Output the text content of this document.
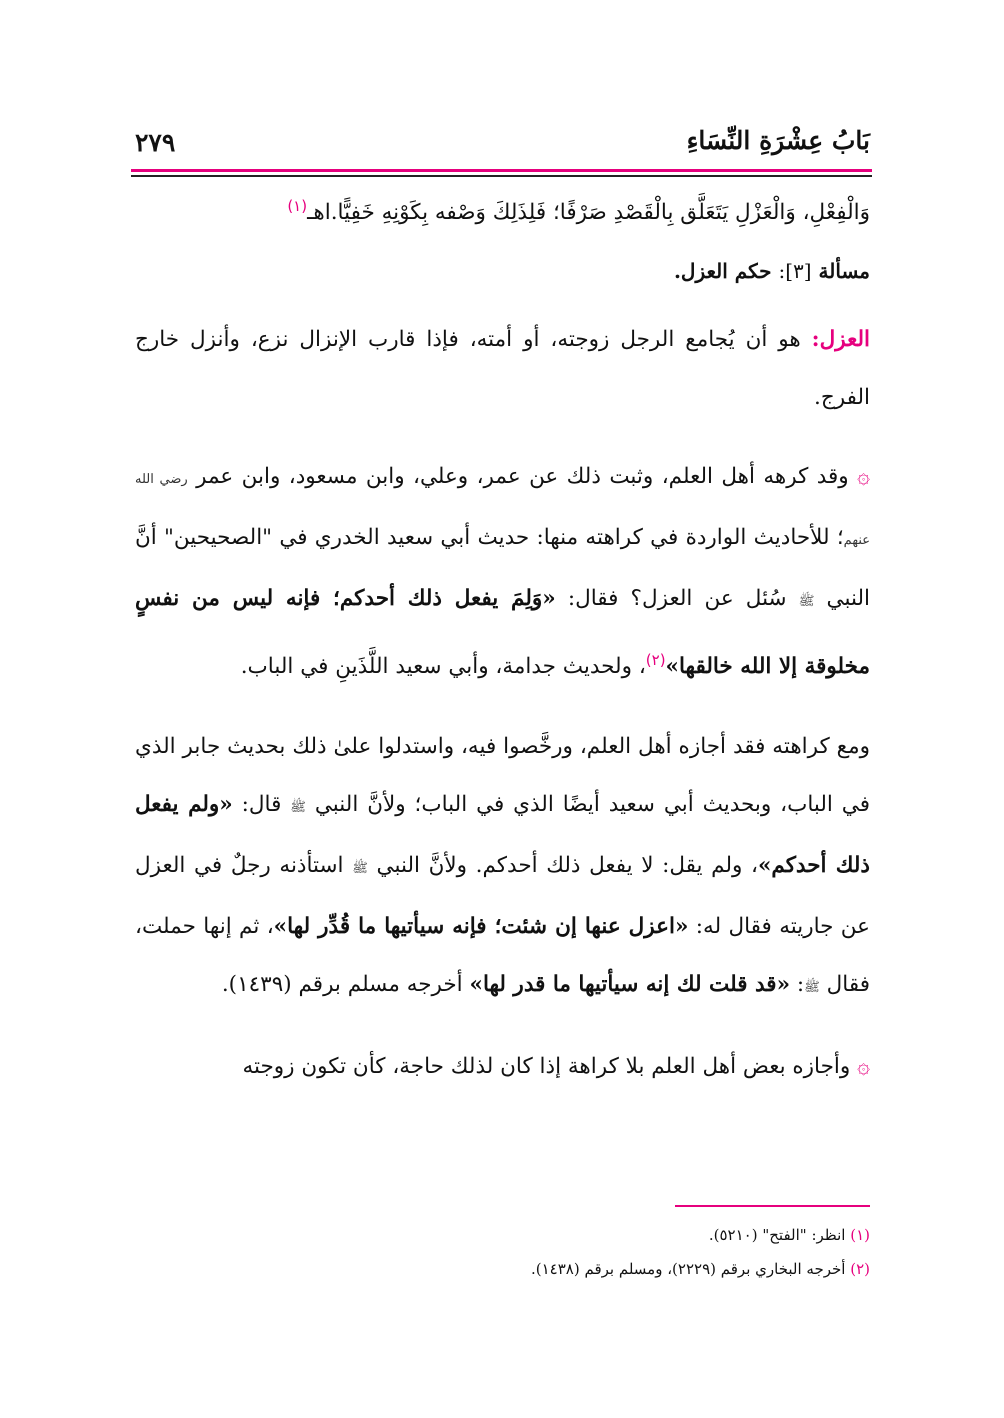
٢٧٩	بَابُ عِشْرَةِ النِّسَاءِ

وَالْفِعْلِ، وَالْعَزْلِ يَتَعَلَّق بِالْقَصْدِ صَرْفًا؛ فَلِذَلِكَ وَصْفه بِكَوْنِهِ خَفِيًّا.اهـ$^{(١)}$

مسألة [٣]: حكم العزل.

العزل: هو أن يُجامع الرجل زوجته، أو أمته، فإذا قارب الإنزال نزع، وأنزل خارج الفرج.

۞ وقد كرهه أهل العلم، وثبت ذلك عن عمر، وعلي، وابن مسعود، وابن عمر رضي الله عنهم؛ للأحاديث الواردة في كراهته منها: حديث أبي سعيد الخدري في "الصحيحين" أنَّ النبي ﷺ سُئل عن العزل؟ فقال: «وَلِمَ يفعل ذلك أحدكم؛ فإنه ليس من نفسٍ مخلوقة إلا الله خالقها»$^{(٢)}$، ولحديث جدامة، وأبي سعيد اللَّذَينِ في الباب.

ومع كراهته فقد أجازه أهل العلم، ورخَّصوا فيه، واستدلوا علىٰ ذلك بحديث جابر الذي في الباب، وبحديث أبي سعيد أيضًا الذي في الباب؛ ولأنَّ النبي ﷺ قال: «ولم يفعل ذلك أحدكم»، ولم يقل: لا يفعل ذلك أحدكم. ولأنَّ النبي ﷺ استأذنه رجلٌ في العزل عن جاريته فقال له: «اعزل عنها إن شئت؛ فإنه سيأتيها ما قُدِّر لها»، ثم إنها حملت، فقال ﷺ: «قد قلت لك إنه سيأتيها ما قدر لها» أخرجه مسلم برقم (١٤٣٩).

۞ وأجازه بعض أهل العلم بلا كراهة إذا كان لذلك حاجة، كأن تكون زوجته

(١) انظر: "الفتح" (٥٢١٠).
(٢) أخرجه البخاري برقم (٢٢٢٩)، ومسلم برقم (١٤٣٨).
